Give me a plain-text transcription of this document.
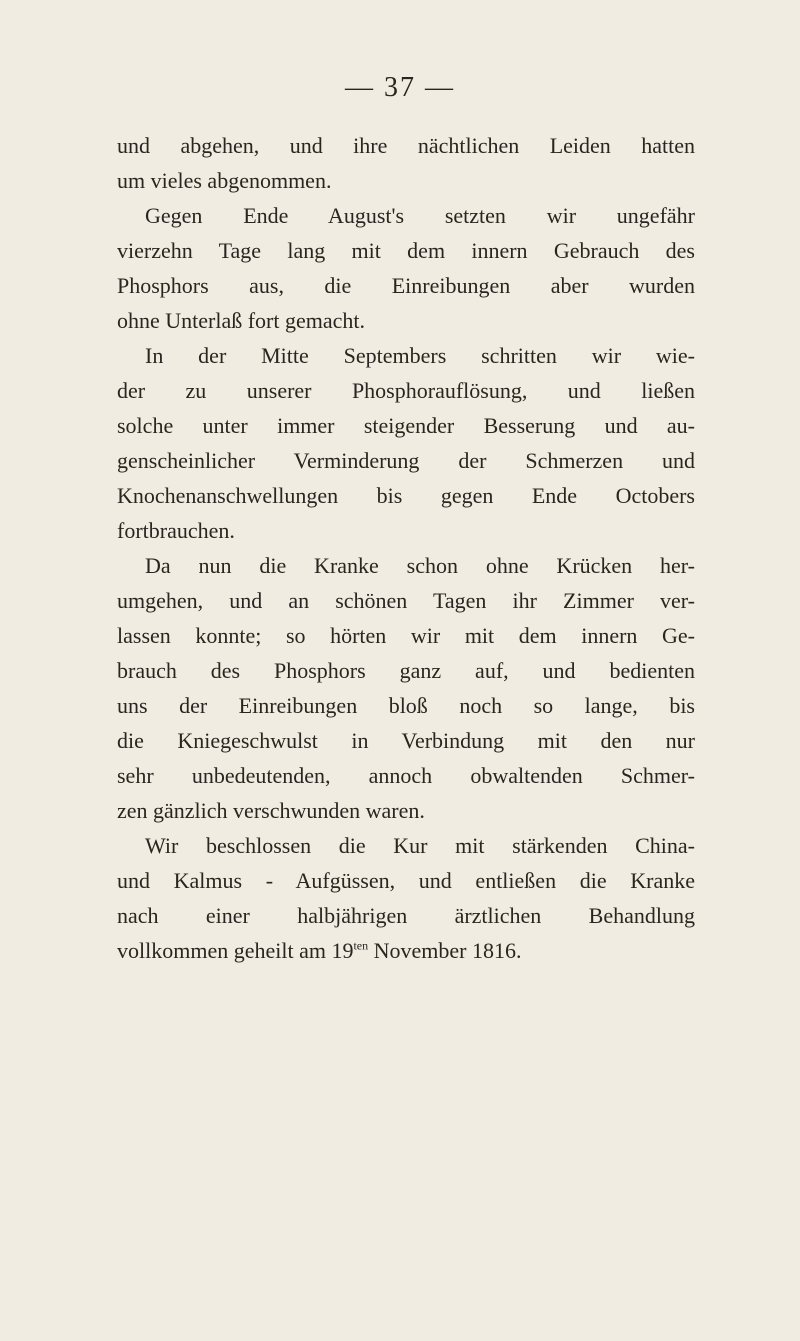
— 37 —
und abgehen, und ihre nächtlichen Leiden hatten
um vieles abgenommen.
Gegen Ende August's setzten wir ungefähr
vierzehn Tage lang mit dem innern Gebrauch des
Phosphors aus, die Einreibungen aber wurden
ohne Unterlaß fort gemacht.
In der Mitte Septembers schritten wir wie-
der zu unserer Phosphorauflösung, und ließen
solche unter immer steigender Besserung und au-
genscheinlicher Verminderung der Schmerzen und
Knochenanschwellungen bis gegen Ende Octobers
fortbrauchen.
Da nun die Kranke schon ohne Krücken her-
umgehen, und an schönen Tagen ihr Zimmer ver-
lassen konnte; so hörten wir mit dem innern Ge-
brauch des Phosphors ganz auf, und bedienten
uns der Einreibungen bloß noch so lange, bis
die Kniegeschwulst in Verbindung mit den nur
sehr unbedeutenden, annoch obwaltenden Schmer-
zen gänzlich verschwunden waren.
Wir beschlossen die Kur mit stärkenden China-
und Kalmus - Aufgüssen, und entließen die Kranke
nach einer halbjährigen ärztlichen Behandlung
vollkommen geheilt am $19^{ten}$ November 1816.
